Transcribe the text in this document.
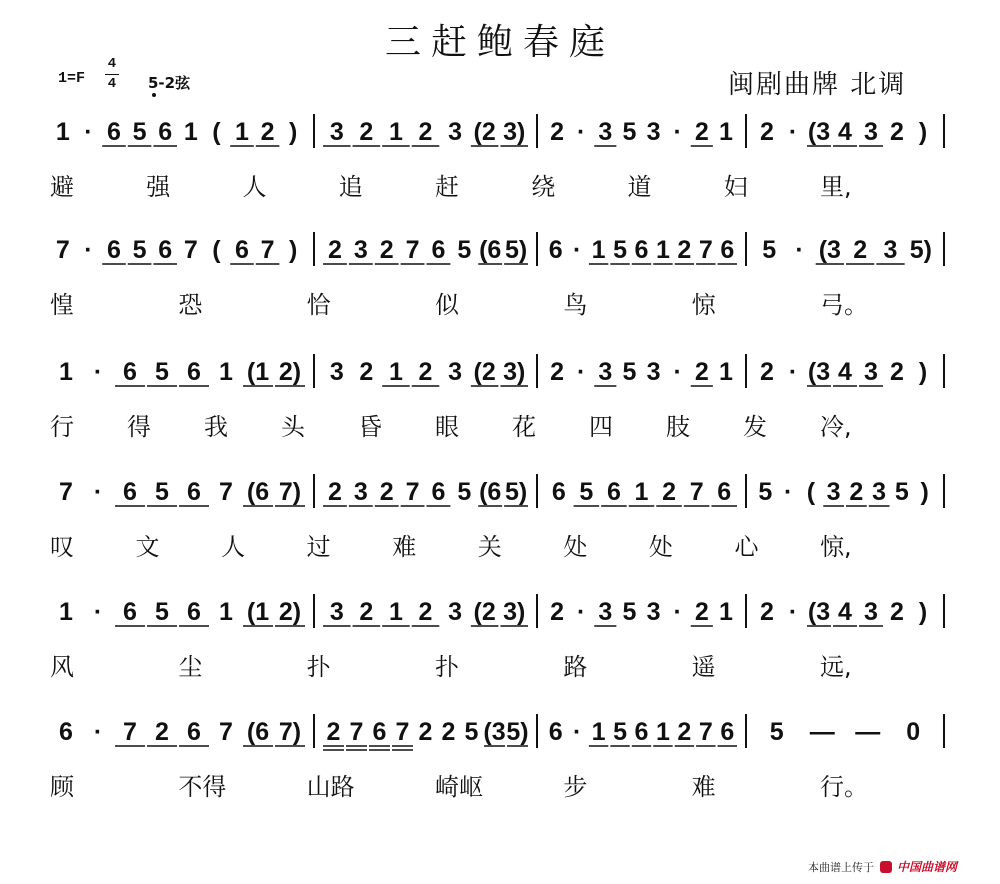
三赶鲍春庭
1=F
4
4 5-2弦	闽剧曲牌 北调
1 · 6 5 6 1 ( 1 2 ) 3 2 1 2 3 (2 3) 2 · 3 5 3 · 2 1 2 · (3 4 3 2 )
避	强	人	追	赶	绕	道	妇	里,
7 · 6 5 6 7 ( 6 7 ) 2 3 2 7 6 5 (6 5) 6 · 1 5 6 1 2 7 6 5 · (3 2 3 5)
惶	恐	恰	似	鸟	惊	弓。
1 · 6 5 6 1 (1 2) 3 2 1 2 3 (2 3) 2 · 3 5 3 · 2 1 2 · (3 4 3 2 )
行 得 我 头 昏 眼 花 四 肢 发 冷,
7 · 6 5 6 7 (6 7) 2 3 2 7 6 5 (6 5) 6 5 6 1 2 7 6 5 · ( 3 2 3 5 )
叹	文	人	过	难	关	处	处	心	惊,
1 · 6 5 6 1 (1 2) 3 2 1 2 3 (2 3) 2 · 3 5 3 · 2 1 2 · (3 4 3 2 )
风	尘	扑	扑	路	遥	远,
6 · 7 2 6 7 (6 7) 2 7 6 7 2 2 5 (3 5) 6 · 1 5 6 1 2 7 6 5 — — 0
顾	不得	山路	崎岖	步	难	行。
本曲谱上传于 中国曲谱网
